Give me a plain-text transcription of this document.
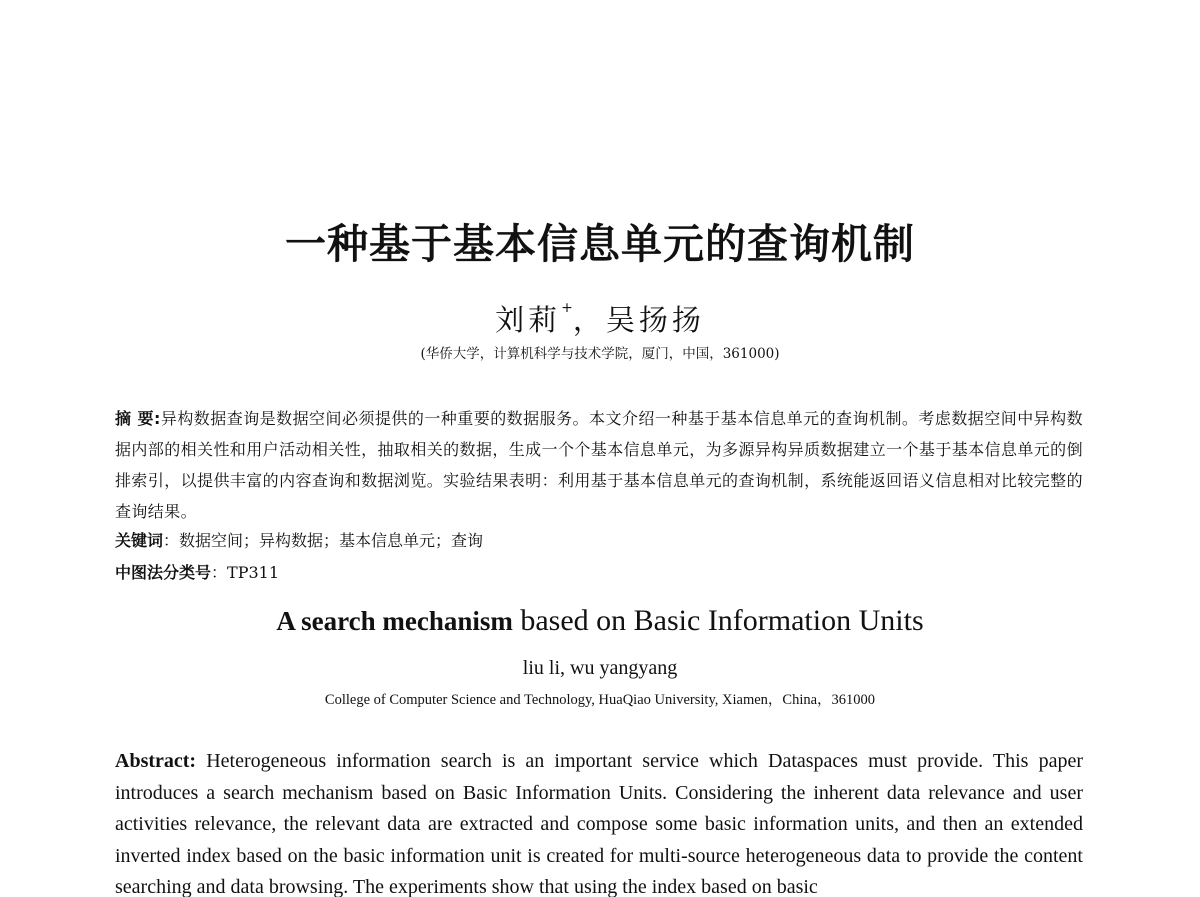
一种基于基本信息单元的查询机制
刘莉+，吴扬扬
(华侨大学，计算机科学与技术学院，厦门，中国，361000)
摘 要:异构数据查询是数据空间必须提供的一种重要的数据服务。本文介绍一种基于基本信息单元的查询机制。考虑数据空间中异构数据内部的相关性和用户活动相关性，抽取相关的数据，生成一个个基本信息单元，为多源异构异质数据建立一个基于基本信息单元的倒排索引，以提供丰富的内容查询和数据浏览。实验结果表明：利用基于基本信息单元的查询机制，系统能返回语义信息相对比较完整的查询结果。
关键词：数据空间；异构数据；基本信息单元；查询
中图法分类号：TP311
A search mechanism based on Basic Information Units
liu li, wu yangyang
College of Computer Science and Technology, HuaQiao University, Xiamen，China，361000
Abstract: Heterogeneous information search is an important service which Dataspaces must provide. This paper introduces a search mechanism based on Basic Information Units. Considering the inherent data relevance and user activities relevance, the relevant data are extracted and compose some basic information units, and then an extended inverted index based on the basic information unit is created for multi-source heterogeneous data to provide the content searching and data browsing. The experiments show that using the index based on basic
